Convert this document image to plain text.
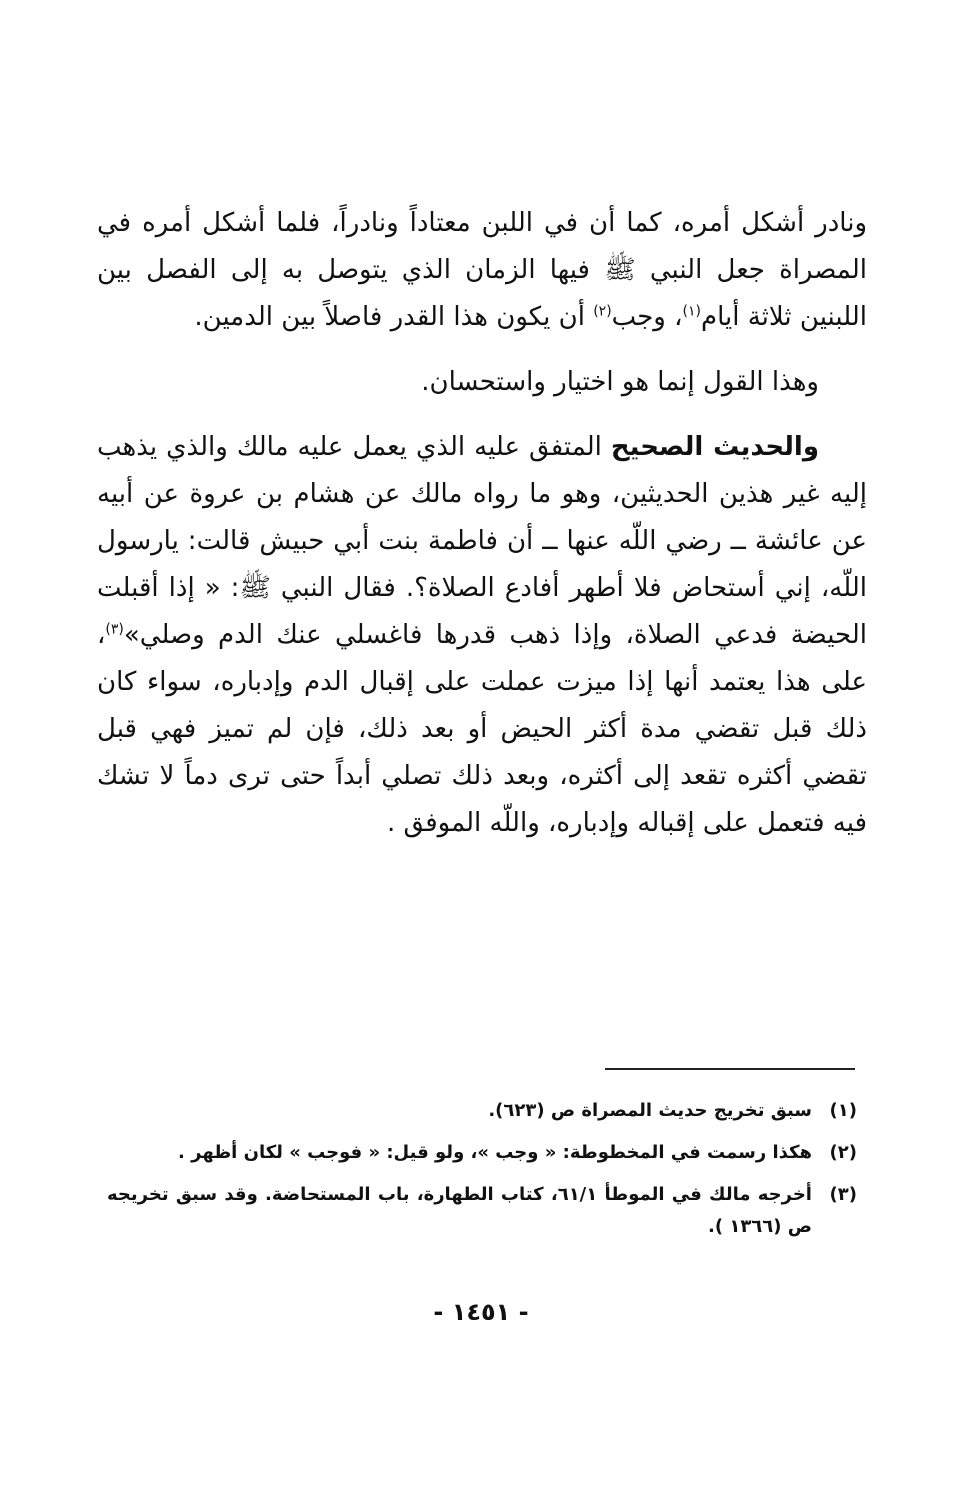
ونادر أشكل أمره، كما أن في اللبن معتاداً ونادراً، فلما أشكل أمره في المصراة جعل النبي ﷺ فيها الزمان الذي يتوصل به إلى الفصل بين اللبنين ثلاثة أيام$^{(١)}$، وجب$^{(٢)}$ أن يكون هذا القدر فاصلاً بين الدمين.

وهذا القول إنما هو اختيار واستحسان.

والحديث الصحيح المتفق عليه الذي يعمل عليه مالك والذي يذهب إليه غير هذين الحديثين، وهو ما رواه مالك عن هشام بن عروة عن أبيه عن عائشة ــ رضي اللّه عنها ــ أن فاطمة بنت أبي حبيش قالت: يارسول اللّه، إني أستحاض فلا أطهر أفادع الصلاة؟. فقال النبي ﷺ: « إذا أقبلت الحيضة فدعي الصلاة، وإذا ذهب قدرها فاغسلي عنك الدم وصلي»$^{(٣)}$، على هذا يعتمد أنها إذا ميزت عملت على إقبال الدم وإدباره، سواء كان ذلك قبل تقضي مدة أكثر الحيض أو بعد ذلك، فإن لم تميز فهي قبل تقضي أكثره تقعد إلى أكثره، وبعد ذلك تصلي أبداً حتى ترى دماً لا تشك فيه فتعمل على إقباله وإدباره، واللّه الموفق .

(١)
سبق تخريج حديث المصراة ص (٦٢٣).
(٢)
هكذا رسمت في المخطوطة: « وجب »، ولو قيل: « فوجب » لكان أظهر .
(٣)
أخرجه مالك في الموطأ ٦١/١، كتاب الطهارة، باب المستحاضة. وقد سبق تخريجه ص (١٣٦٦ ).
- ١٤٥١ -
